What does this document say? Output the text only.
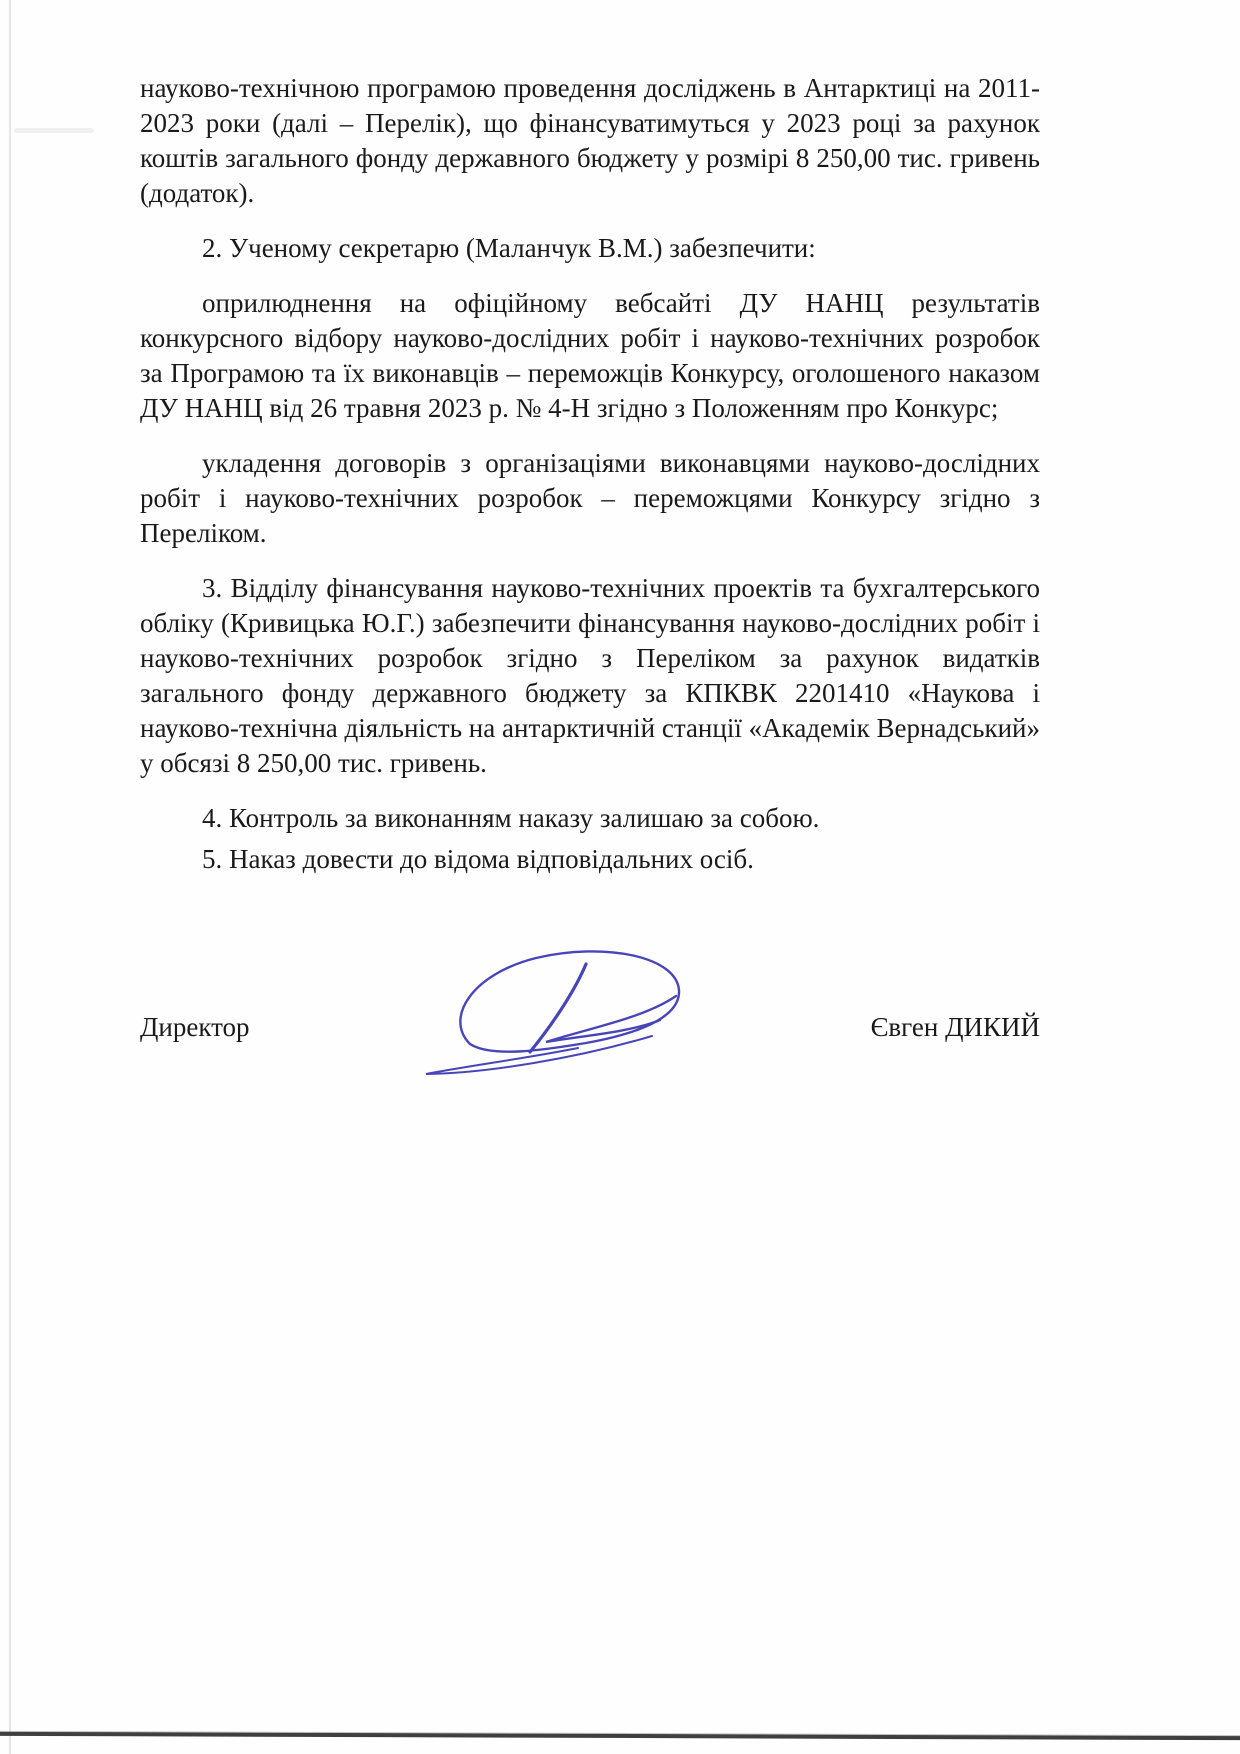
науково-технічною програмою проведення досліджень в Антарктиці на 2011-2023 роки (далі – Перелік), що фінансуватимуться у 2023 році за рахунок коштів загального фонду державного бюджету у розмірі 8 250,00 тис. гривень (додаток).

2. Ученому секретарю (Маланчук В.М.) забезпечити:

оприлюднення на офіційному вебсайті ДУ НАНЦ результатів конкурсного відбору науково-дослідних робіт і науково-технічних розробок за Програмою та їх виконавців – переможців Конкурсу, оголошеного наказом ДУ НАНЦ від 26 травня 2023 р. № 4-Н згідно з Положенням про Конкурс;

укладення договорів з організаціями виконавцями науково-дослідних робіт і науково-технічних розробок – переможцями Конкурсу згідно з Переліком.

3. Відділу фінансування науково-технічних проектів та бухгалтерського обліку (Кривицька Ю.Г.) забезпечити фінансування науково-дослідних робіт і науково-технічних розробок згідно з Переліком за рахунок видатків загального фонду державного бюджету за КПКВК 2201410 «Наукова і науково-технічна діяльність на антарктичній станції «Академік Вернадський» у обсязі 8 250,00 тис. гривень.

4. Контроль за виконанням наказу залишаю за собою.

5. Наказ довести до відома відповідальних осіб.

Директор	Євген ДИКИЙ
